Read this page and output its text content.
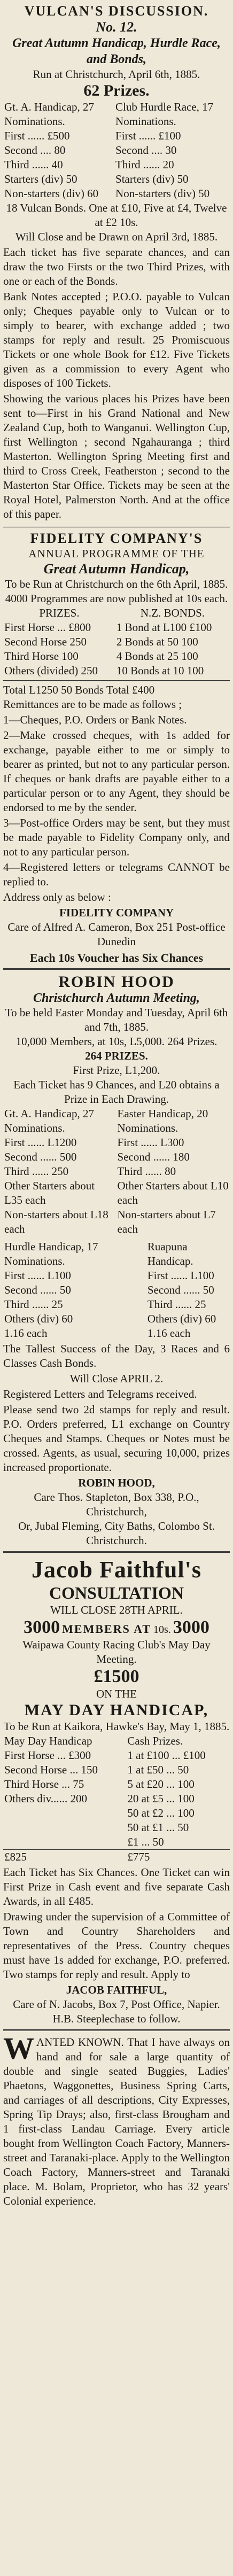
VULCAN'S DISCUSSION.
No. 12.
Great Autumn Handicap, Hurdle Race, and Bonds,
Run at Christchurch, April 6th, 1885.
62 Prizes.
Gt. A. Handicap, 27 Nominations.	Club Hurdle Race, 17 Nominations.
First ...... £500	First ...... £100
Second .... 80	Second .... 30
Third ...... 40	Third ...... 20
Starters (div) 50	Starters (div) 50
Non-starters (div) 60	Non-starters (div) 50
18 Vulcan Bonds. One at £10, Five at £4, Twelve at £2 10s.
Will Close and be Drawn on April 3rd, 1885.

Each ticket has five separate chances, and can draw the two Firsts or the two Third Prizes, with one or each of the Bonds.

Bank Notes accepted ; P.O.O. payable to Vulcan only; Cheques payable only to Vulcan or to simply to bearer, with exchange added ; two stamps for reply and result. 25 Promiscuous Tickets or one whole Book for £12. Five Tickets given as a commission to every Agent who disposes of 100 Tickets.

Showing the various places his Prizes have been sent to—First in his Grand National and New Zealand Cup, both to Wanganui. Wellington Cup, first Wellington ; second Ngahauranga ; third Masterton. Wellington Spring Meeting first and third to Cross Creek, Featherston ; second to the Masterton Star Office. Tickets may be seen at the Royal Hotel, Palmerston North. And at the office of this paper.

FIDELITY COMPANY'S
ANNUAL PROGRAMME OF THE
Great Autumn Handicap,
To be Run at Christchurch on the 6th April, 1885.
4000 Programmes are now published at 10s each.
PRIZES.	N.Z. BONDS.
First Horse ... £800	1 Bond at L100 £100
Second Horse 250	2 Bonds at 50 100
Third Horse 100	4 Bonds at 25 100
Others (divided) 250	10 Bonds at 10 100
Total L1250 50 Bonds Total £400
Remittances are to be made as follows ;

1—Cheques, P.O. Orders or Bank Notes.

2—Make crossed cheques, with 1s added for exchange, payable either to me or simply to bearer as printed, but not to any particular person. If cheques or bank drafts are payable either to a particular person or to any Agent, they should be endorsed to me by the sender.

3—Post-office Orders may be sent, but they must be made payable to Fidelity Company only, and not to any particular person.

4—Registered letters or telegrams CANNOT be replied to.

Address only as below :

FIDELITY COMPANY
Care of Alfred A. Cameron, Box 251 Post-office Dunedin
Each 10s Voucher has Six Chances
ROBIN HOOD
Christchurch Autumn Meeting,
To be held Easter Monday and Tuesday, April 6th and 7th, 1885.
10,000 Members, at 10s, L5,000. 264 Prizes.
264 PRIZES.
First Prize, L1,200.
Each Ticket has 9 Chances, and L20 obtains a Prize in Each Drawing.
Gt. A. Handicap, 27 Nominations.	Easter Handicap, 20 Nominations.
First ...... L1200	First ...... L300
Second ...... 500	Second ...... 180
Third ...... 250	Third ...... 80
Other Starters about L35 each	Other Starters about L10 each
Non-starters about L18 each	Non-starters about L7 each
Hurdle Handicap, 17 Nominations.	Ruapuna Handicap.
First ...... L100	First ...... L100
Second ...... 50	Second ...... 50
Third ...... 25	Third ...... 25
Others (div) 60	Others (div) 60
1.16 each	1.16 each

The Tallest Success of the Day, 3 Races and 6 Classes Cash Bonds.

Will Close APRIL 2.

Registered Letters and Telegrams received.

Please send two 2d stamps for reply and result. P.O. Orders preferred, L1 exchange on Country Cheques and Stamps. Cheques or Notes must be crossed. Agents, as usual, securing 10,000, prizes increased proportionate.

ROBIN HOOD,
Care Thos. Stapleton, Box 338, P.O., Christchurch,
Or, Jubal Fleming, City Baths, Colombo St. Christchurch.
Jacob Faithful's
CONSULTATION
WILL CLOSE 28TH APRIL.
3000 MEMBERS AT 10s. 3000
Waipawa County Racing Club's May Day Meeting.
£1500
ON THE
MAY DAY HANDICAP,
To be Run at Kaikora, Hawke's Bay, May 1, 1885.
May Day Handicap	Cash Prizes.
First Horse ... £300	1 at £100 ... £100
Second Horse ... 150	1 at £50 ... 50
Third Horse ... 75	5 at £20 ... 100
Others div...... 200	20 at £5 ... 100
	50 at £2 ... 100
	50 at £1 ... 50
	£1 ... 50
£825	£775

Each Ticket has Six Chances. One Ticket can win First Prize in Cash event and five separate Cash Awards, in all £485.

Drawing under the supervision of a Committee of Town and Country Shareholders and representatives of the Press. Country cheques must have 1s added for exchange, P.O. preferred. Two stamps for reply and result. Apply to

JACOB FAITHFUL,
Care of N. Jacobs, Box 7, Post Office, Napier.
H.B. Steeplechase to follow.

WANTED KNOWN. That I have always on hand and for sale a large quantity of double and single seated Buggies, Ladies' Phaetons, Waggonettes, Business Spring Carts, and carriages of all descriptions, City Expresses, Spring Tip Drays; also, first-class Brougham and 1 first-class Landau Carriage. Every article bought from Wellington Coach Factory, Manners-street and Taranaki-place. Apply to the Wellington Coach Factory, Manners-street and Taranaki place. M. Bolam, Proprietor, who has 32 years' Colonial experience.
